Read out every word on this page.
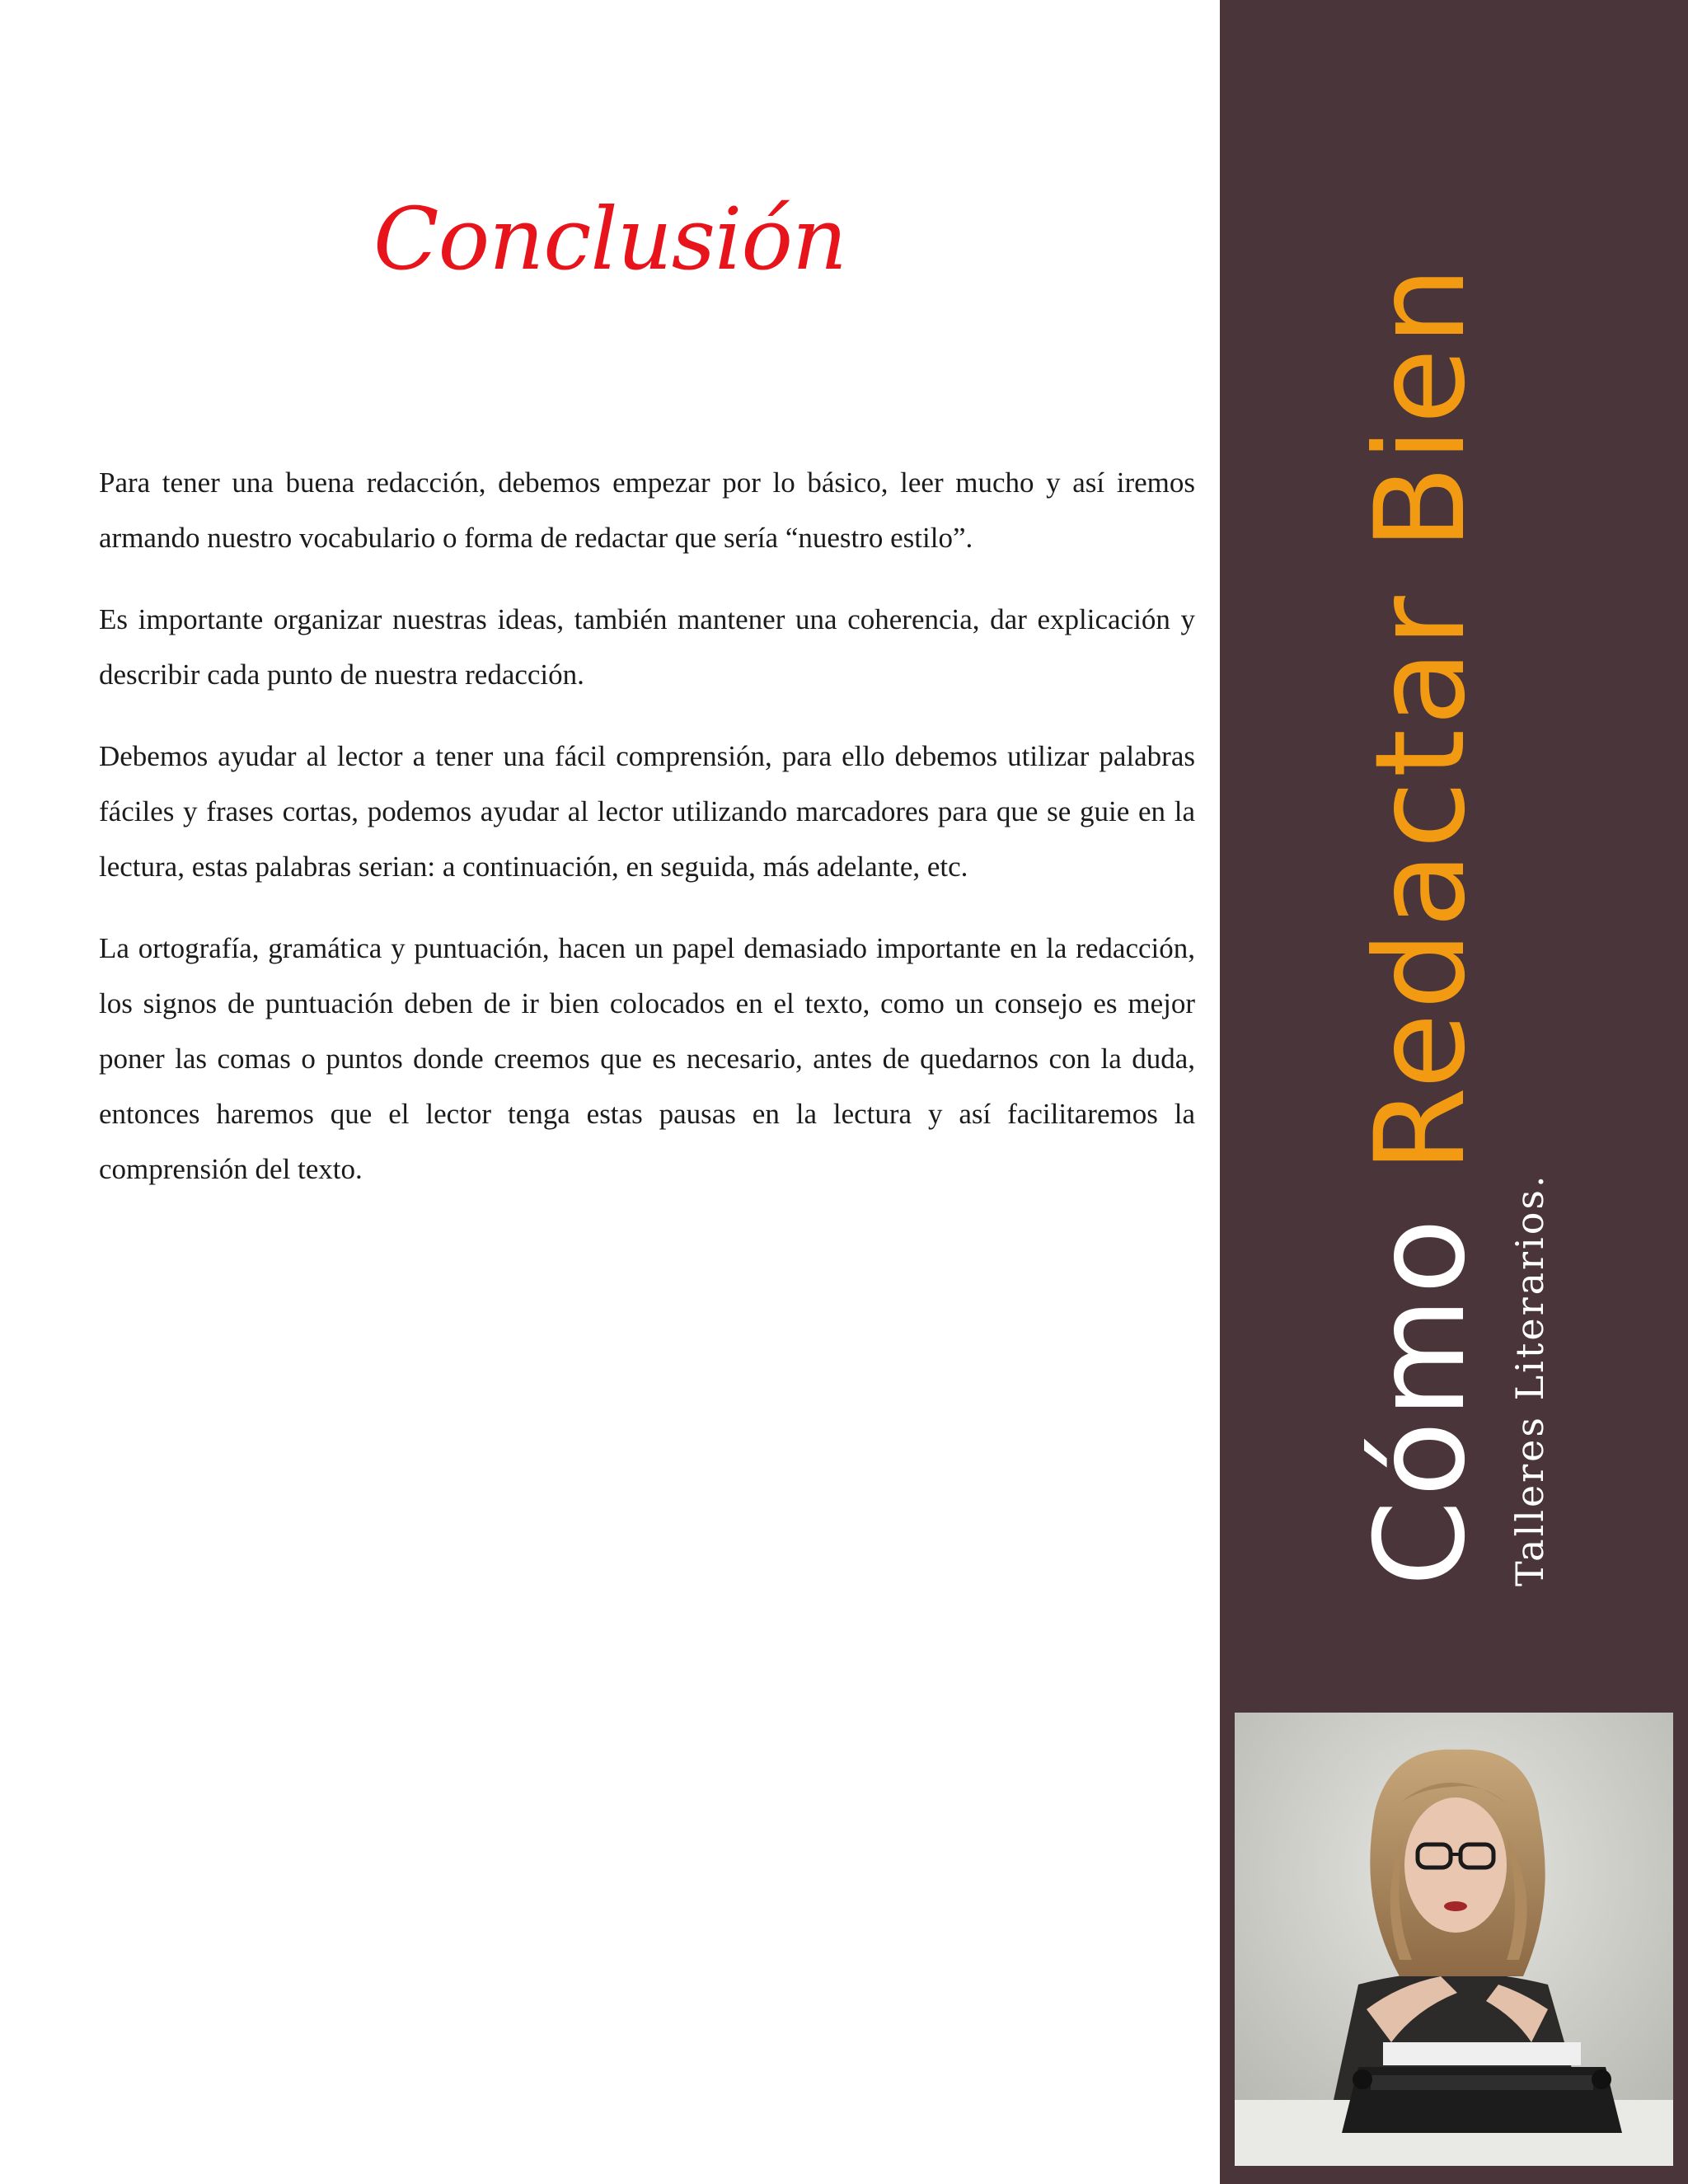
Conclusión

Para tener una buena redacción, debemos empezar por lo básico, leer mucho y así iremos armando nuestro vocabulario o forma de redactar que sería “nuestro estilo”.

Es importante organizar nuestras ideas, también mantener una coherencia, dar explicación y describir cada punto de nuestra redacción.

Debemos ayudar al lector a tener una fácil comprensión, para ello debemos utilizar palabras fáciles y frases cortas, podemos ayudar al lector utilizando marcadores para que se guie en la lectura, estas palabras serian: a continuación, en seguida, más adelante, etc.

La ortografía, gramática y puntuación, hacen un papel demasiado importante en la redacción, los signos de puntuación deben de ir bien colocados en el texto, como un consejo es mejor poner las comas o puntos donde creemos que es necesario, antes de quedarnos con la duda, entonces haremos que el lector tenga estas pausas en la lectura y así facilitaremos la comprensión del texto.

Cómo Redactar Bien
Talleres Literarios.
